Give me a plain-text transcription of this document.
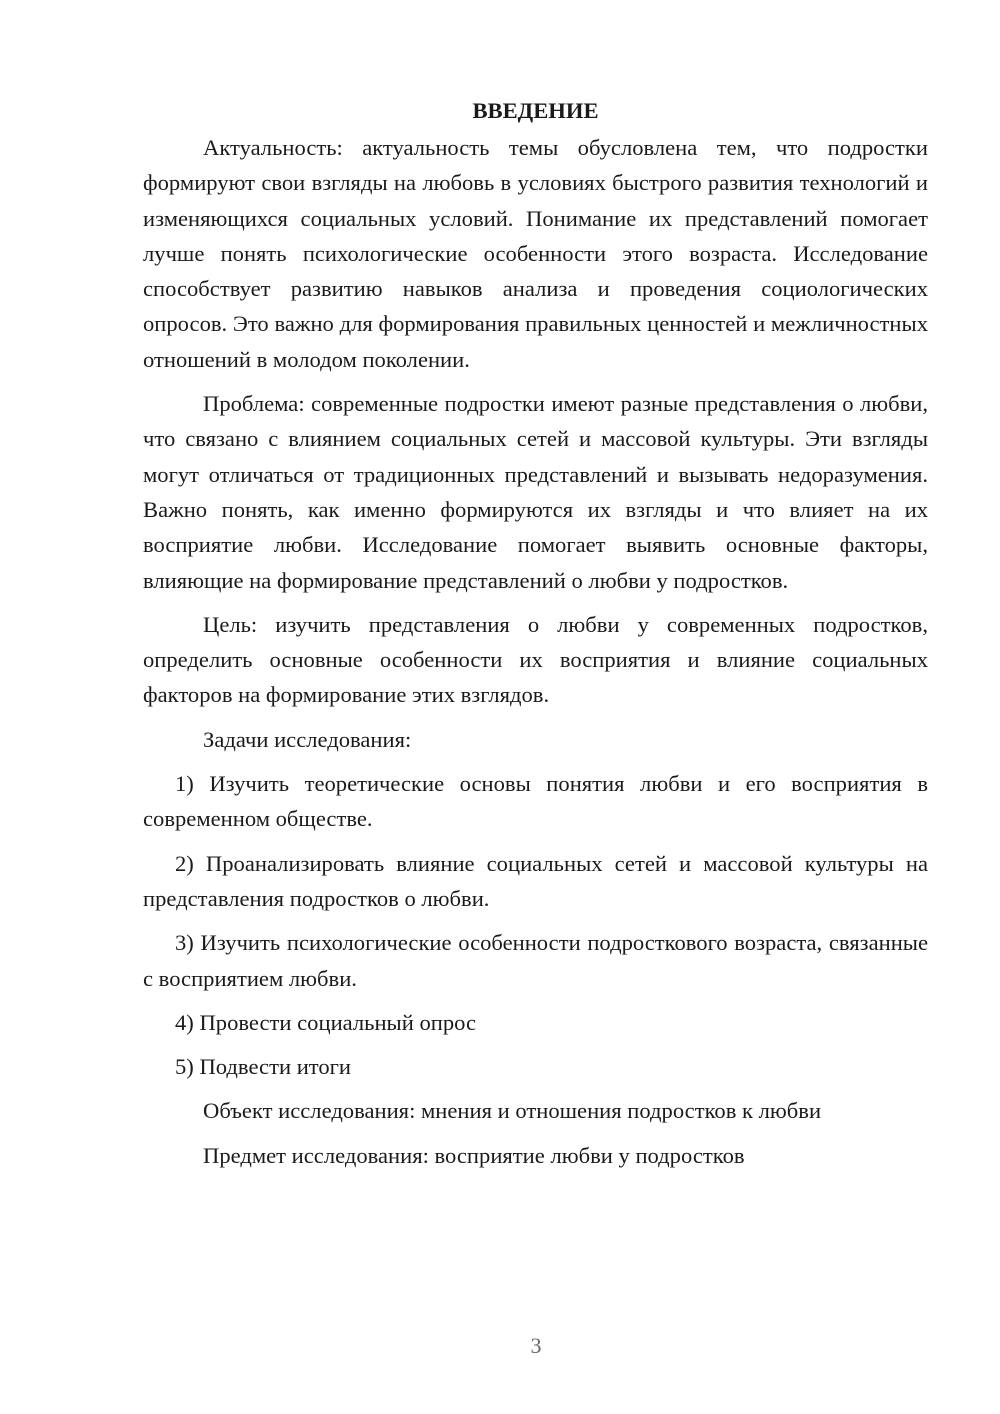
ВВЕДЕНИЕ

Актуальность: актуальность темы обусловлена тем, что подростки формируют свои взгляды на любовь в условиях быстрого развития технологий и изменяющихся социальных условий. Понимание их представлений помогает лучше понять психологические особенности этого возраста. Исследование способствует развитию навыков анализа и проведения социологических опросов. Это важно для формирования правильных ценностей и межличностных отношений в молодом поколении.

Проблема: современные подростки имеют разные представления о любви, что связано с влиянием социальных сетей и массовой культуры. Эти взгляды могут отличаться от традиционных представлений и вызывать недоразумения. Важно понять, как именно формируются их взгляды и что влияет на их восприятие любви. Исследование помогает выявить основные факторы, влияющие на формирование представлений о любви у подростков.

Цель: изучить представления о любви у современных подростков, определить основные особенности их восприятия и влияние социальных факторов на формирование этих взглядов.

Задачи исследования:

1) Изучить теоретические основы понятия любви и его восприятия в современном обществе.

2) Проанализировать влияние социальных сетей и массовой культуры на представления подростков о любви.

3) Изучить психологические особенности подросткового возраста, связанные с восприятием любви.

4) Провести социальный опрос

5) Подвести итоги

Объект исследования: мнения и отношения подростков к любви

Предмет исследования: восприятие любви у подростков

3
